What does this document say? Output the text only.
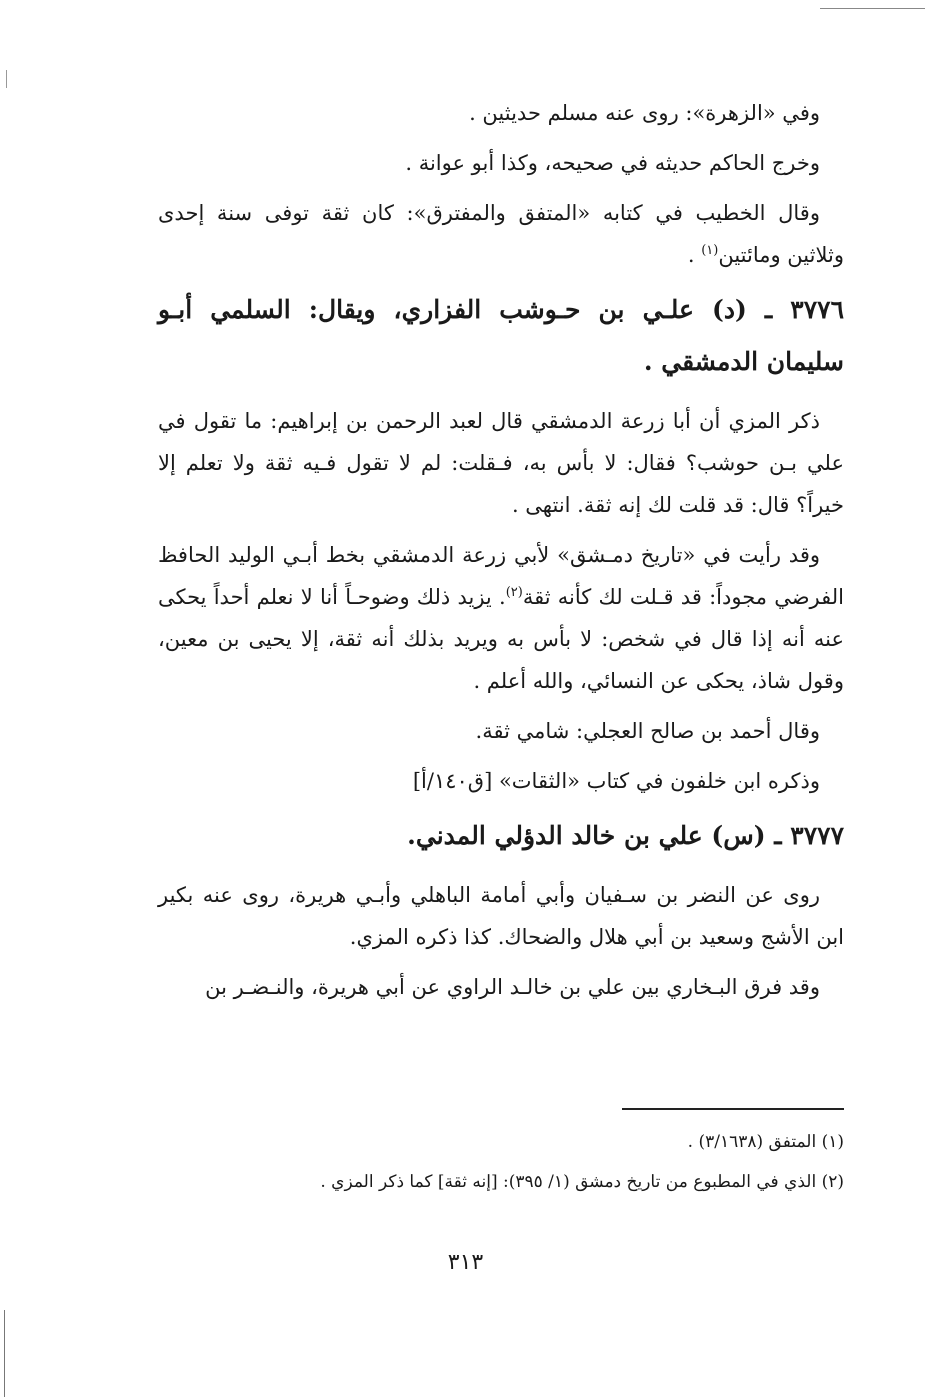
وفي «الزهرة»: روى عنه مسلم حديثين .

وخرج الحاكم حديثه في صحيحه، وكذا أبو عوانة .

وقال الخطيب في كتابه «المتفق والمفترق»: كان ثقة توفى سنة إحدى وثلاثين ومائتين$^{(١)}$ .

٣٧٧٦ ـ (د) علـي بن حـوشب الفزاري، ويقال: السلمي أبـو سليمان الدمشقي .

ذكر المزي أن أبا زرعة الدمشقي قال لعبد الرحمن بن إبراهيم: ما تقول في علي بـن حوشب؟ فقال: لا بأس به، فـقلت: لم لا تقول فـيه ثقة ولا تعلم إلا خيراً؟ قال: قد قلت لك إنه ثقة. انتهى .

وقد رأيت في «تاريخ دمـشق» لأبي زرعة الدمشقي بخط أبـي الوليد الحافظ الفرضي مجوداً: قد قـلت لك كأنه ثقة$^{(٢)}$. يزيد ذلك وضوحـاً أنا لا نعلم أحداً يحكى عنه أنه إذا قال في شخص: لا بأس به ويريد بذلك أنه ثقة، إلا يحيى بن معين، وقول شاذ، يحكى عن النسائي، والله أعلم .

وقال أحمد بن صالح العجلي: شامي ثقة.

وذكره ابن خلفون في كتاب «الثقات» [ق١٤٠/أ]

٣٧٧٧ ـ (س) علي بن خالد الدؤلي المدني.

روى عن النضر بن سـفيان وأبي أمامة الباهلي وأبـي هريرة، روى عنه بكير ابن الأشج وسعيد بن أبي هلال والضحاك. كذا ذكره المزي.

وقد فرق البـخاري بين علي بن خالـد الراوي عن أبي هريرة، والنـضـر بن

(١) المتفق (٣/١٦٣٨) .

(٢) الذي في المطبوع من تاريخ دمشق (١/ ٣٩٥): [إنه ثقة] كما ذكر المزي .

٣١٣
